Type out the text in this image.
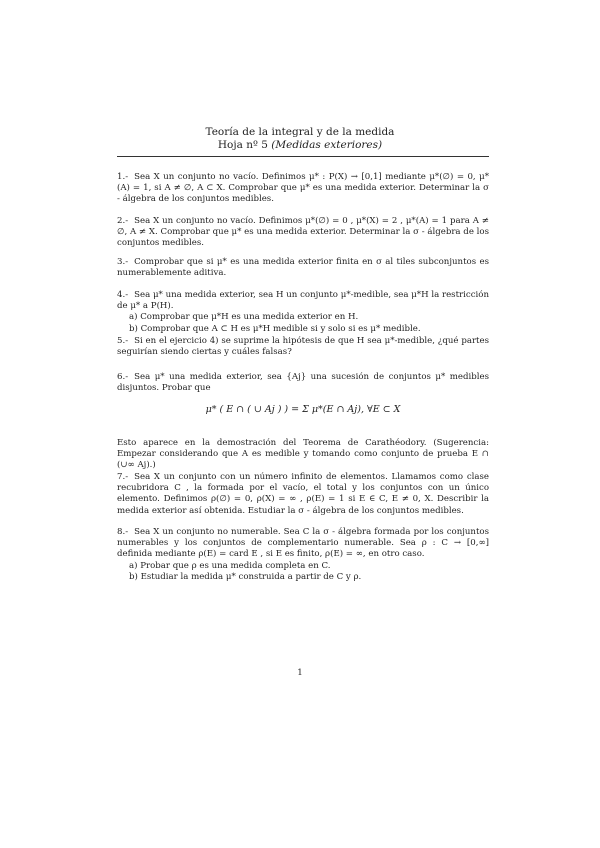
Teoría de la integral y de la medida
Hoja nº 5 (Medidas exteriores)
1.- Sea X un conjunto no vacío. Definimos μ* : P(X) → [0,1] mediante μ*(∅) = 0, μ*(A) = 1, si A ≠ ∅, A ⊂ X. Comprobar que μ* es una medida exterior. Determinar la σ - álgebra de los conjuntos medibles.
2.- Sea X un conjunto no vacío. Definimos μ*(∅) = 0 , μ*(X) = 2 , μ*(A) = 1 para A ≠ ∅, A ≠ X. Comprobar que μ* es una medida exterior. Determinar la σ - álgebra de los conjuntos medibles.
3.- Comprobar que si μ* es una medida exterior finita en σ al tiles subconjuntos es numerablemente aditiva.
4.- Sea μ* una medida exterior, sea H un conjunto μ*-medible, sea μ*H la restricción de μ* a P(H).
a) Comprobar que μ*H es una medida exterior en H.
b) Comprobar que A ⊂ H es μ*H medible si y solo si es μ* medible.
5.- Si en el ejercicio 4) se suprime la hipótesis de que H sea μ*-medible, ¿qué partes seguirían siendo ciertas y cuáles falsas?
6.- Sea μ* una medida exterior, sea {Aj} una sucesión de conjuntos μ* medibles disjuntos. Probar que
μ* ( E ∩ ( ∪ Aj ) ) = Σ μ*(E ∩ Aj), ∀E ⊂ X
Esto aparece en la demostración del Teorema de Carathéodory. (Sugerencia: Empezar considerando que A es medible y tomando como conjunto de prueba E ∩ (∪∞ Aj).)
7.- Sea X un conjunto con un número infinito de elementos. Llamamos como clase recubridora C , la formada por el vacío, el total y los conjuntos con un único elemento. Definimos ρ(∅) = 0, ρ(X) = ∞ , ρ(E) = 1 si E ∈ C, E ≠ 0, X. Describir la medida exterior así obtenida. Estudiar la σ - álgebra de los conjuntos medibles.
8.- Sea X un conjunto no numerable. Sea C la σ - álgebra formada por los conjuntos numerables y los conjuntos de complementario numerable. Sea ρ : C → [0,∞] definida mediante ρ(E) = card E , si E es finito, ρ(E) = ∞, en otro caso.
a) Probar que ρ es una medida completa en C.
b) Estudiar la medida μ* construida a partir de C y ρ.
1
